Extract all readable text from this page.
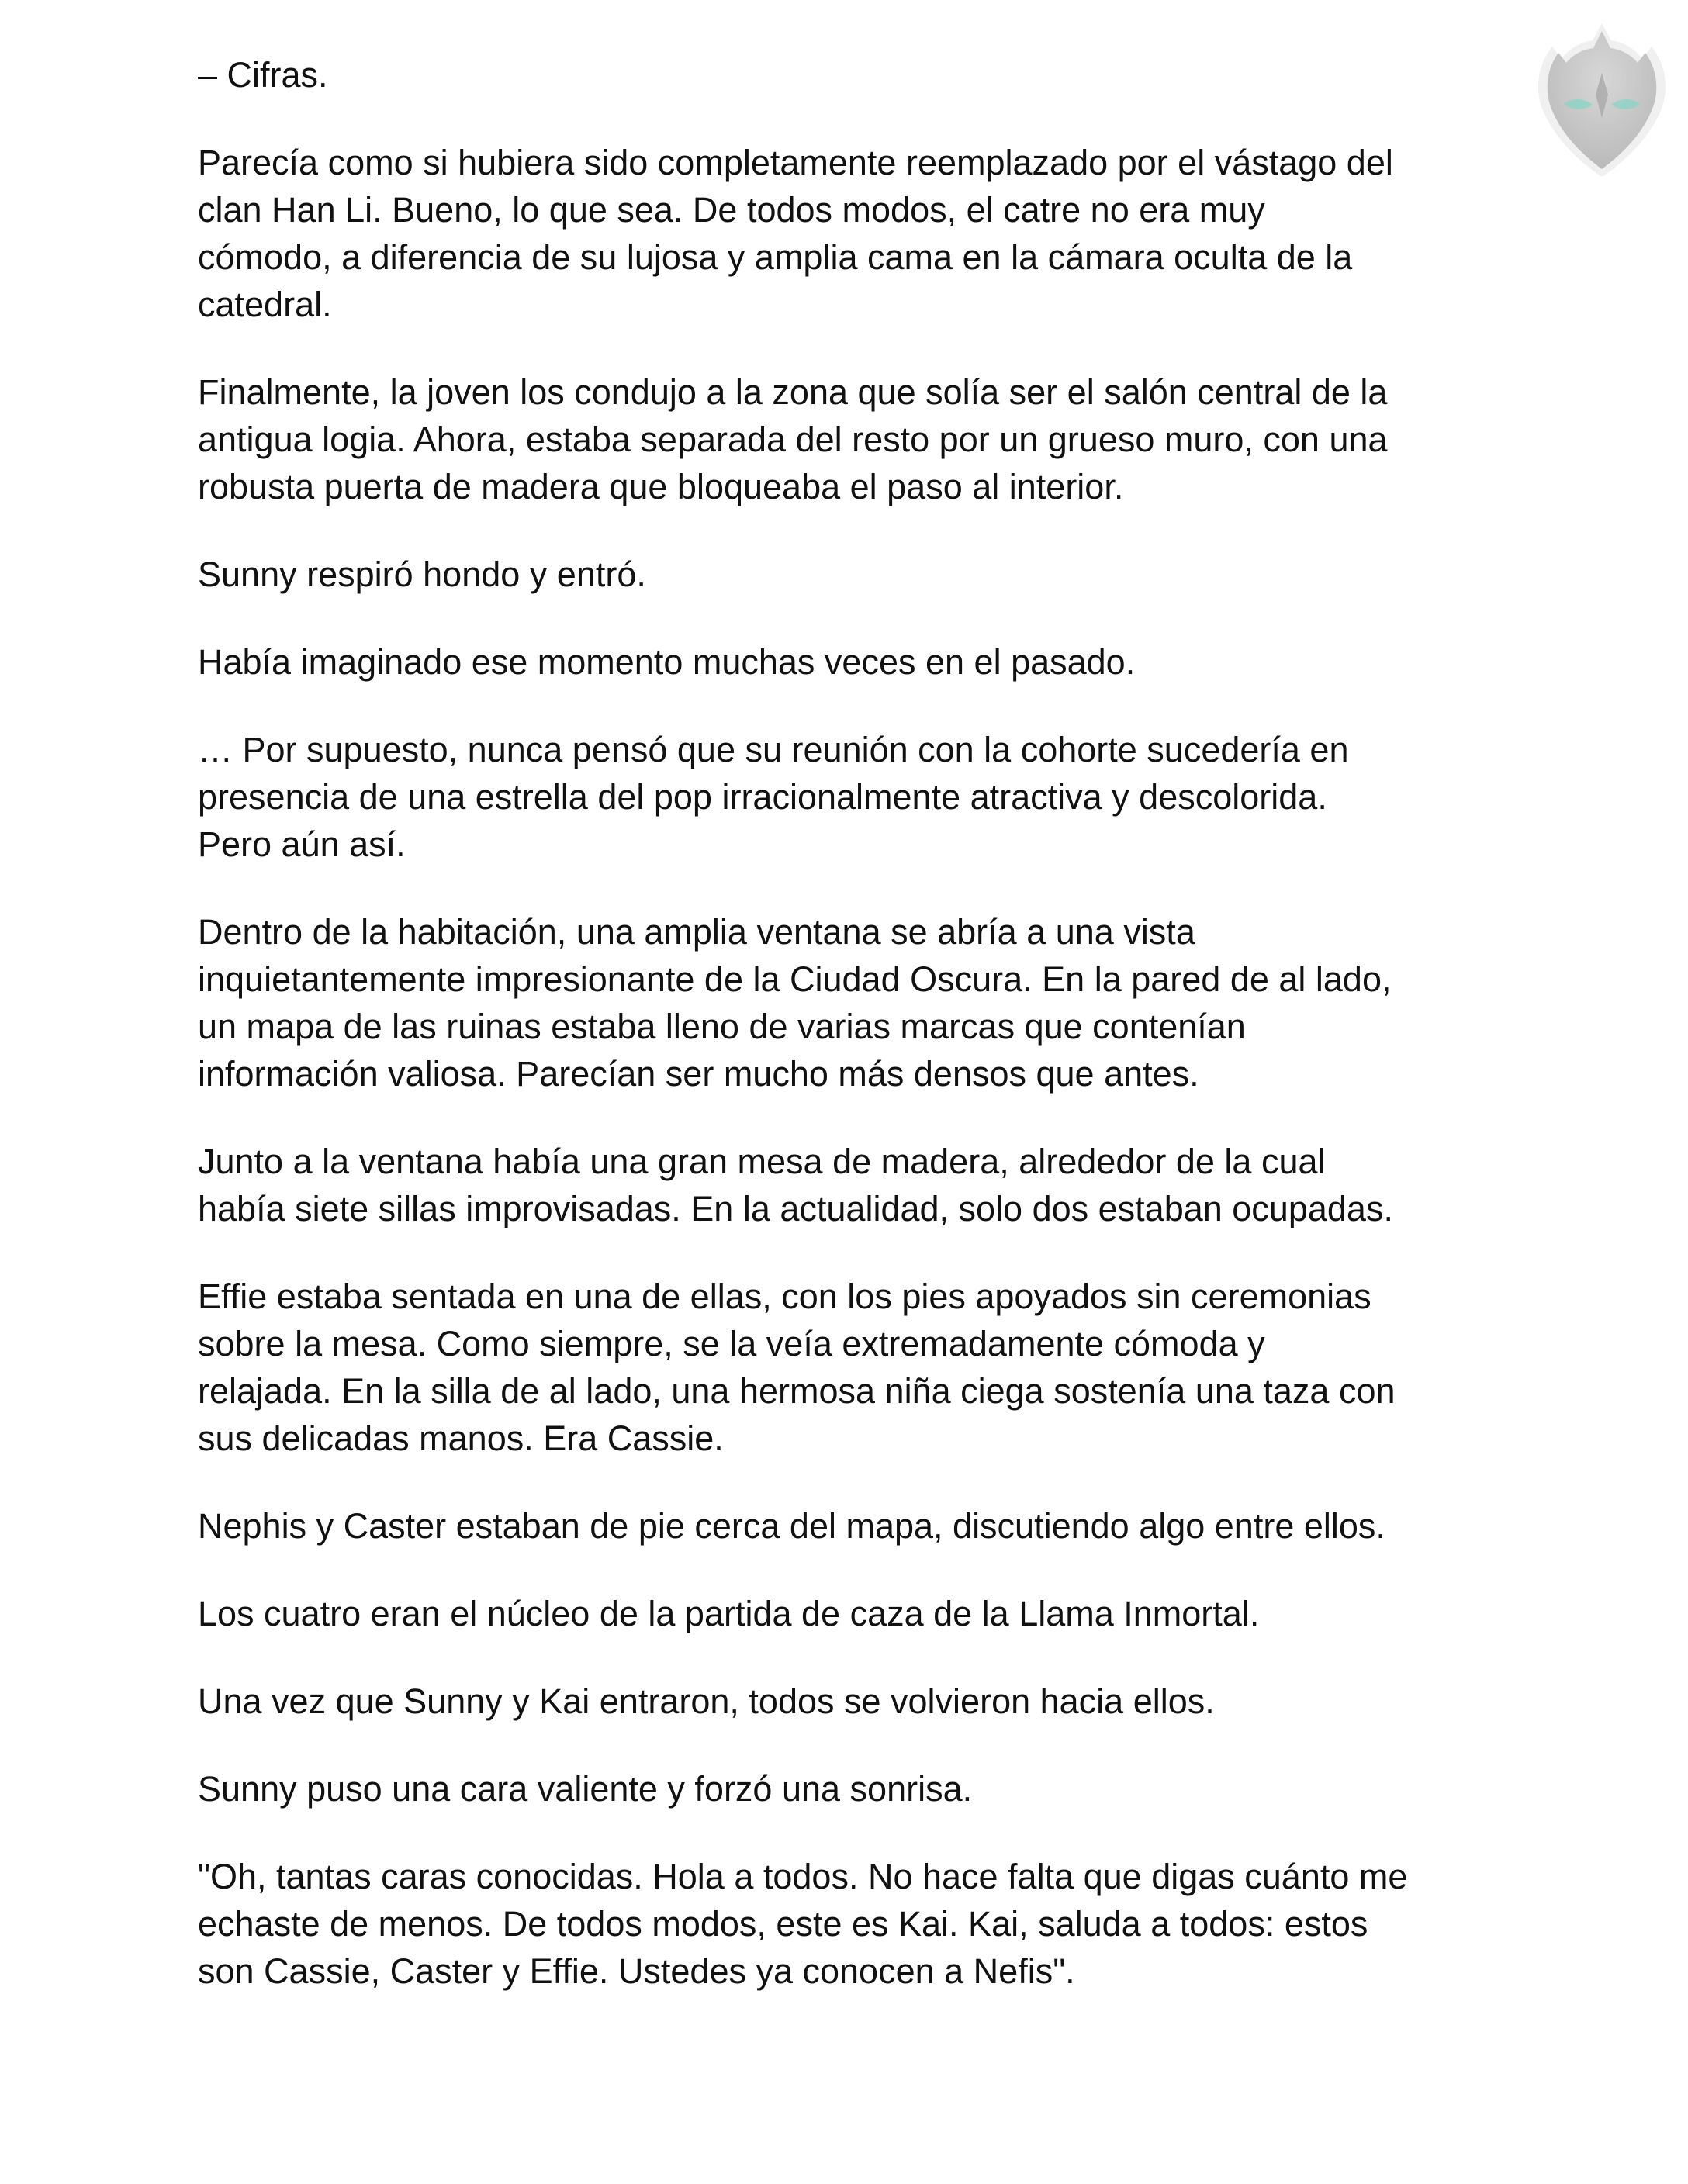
– Cifras.

Parecía como si hubiera sido completamente reemplazado por el vástago del
clan Han Li. Bueno, lo que sea. De todos modos, el catre no era muy
cómodo, a diferencia de su lujosa y amplia cama en la cámara oculta de la
catedral.

Finalmente, la joven los condujo a la zona que solía ser el salón central de la
antigua logia. Ahora, estaba separada del resto por un grueso muro, con una
robusta puerta de madera que bloqueaba el paso al interior.

Sunny respiró hondo y entró.

Había imaginado ese momento muchas veces en el pasado.

… Por supuesto, nunca pensó que su reunión con la cohorte sucedería en
presencia de una estrella del pop irracionalmente atractiva y descolorida.
Pero aún así.

Dentro de la habitación, una amplia ventana se abría a una vista
inquietantemente impresionante de la Ciudad Oscura. En la pared de al lado,
un mapa de las ruinas estaba lleno de varias marcas que contenían
información valiosa. Parecían ser mucho más densos que antes.

Junto a la ventana había una gran mesa de madera, alrededor de la cual
había siete sillas improvisadas. En la actualidad, solo dos estaban ocupadas.

Effie estaba sentada en una de ellas, con los pies apoyados sin ceremonias
sobre la mesa. Como siempre, se la veía extremadamente cómoda y
relajada. En la silla de al lado, una hermosa niña ciega sostenía una taza con
sus delicadas manos. Era Cassie.

Nephis y Caster estaban de pie cerca del mapa, discutiendo algo entre ellos.

Los cuatro eran el núcleo de la partida de caza de la Llama Inmortal.

Una vez que Sunny y Kai entraron, todos se volvieron hacia ellos.

Sunny puso una cara valiente y forzó una sonrisa.

"Oh, tantas caras conocidas. Hola a todos. No hace falta que digas cuánto me
echaste de menos. De todos modos, este es Kai. Kai, saluda a todos: estos
son Cassie, Caster y Effie. Ustedes ya conocen a Nefis".
